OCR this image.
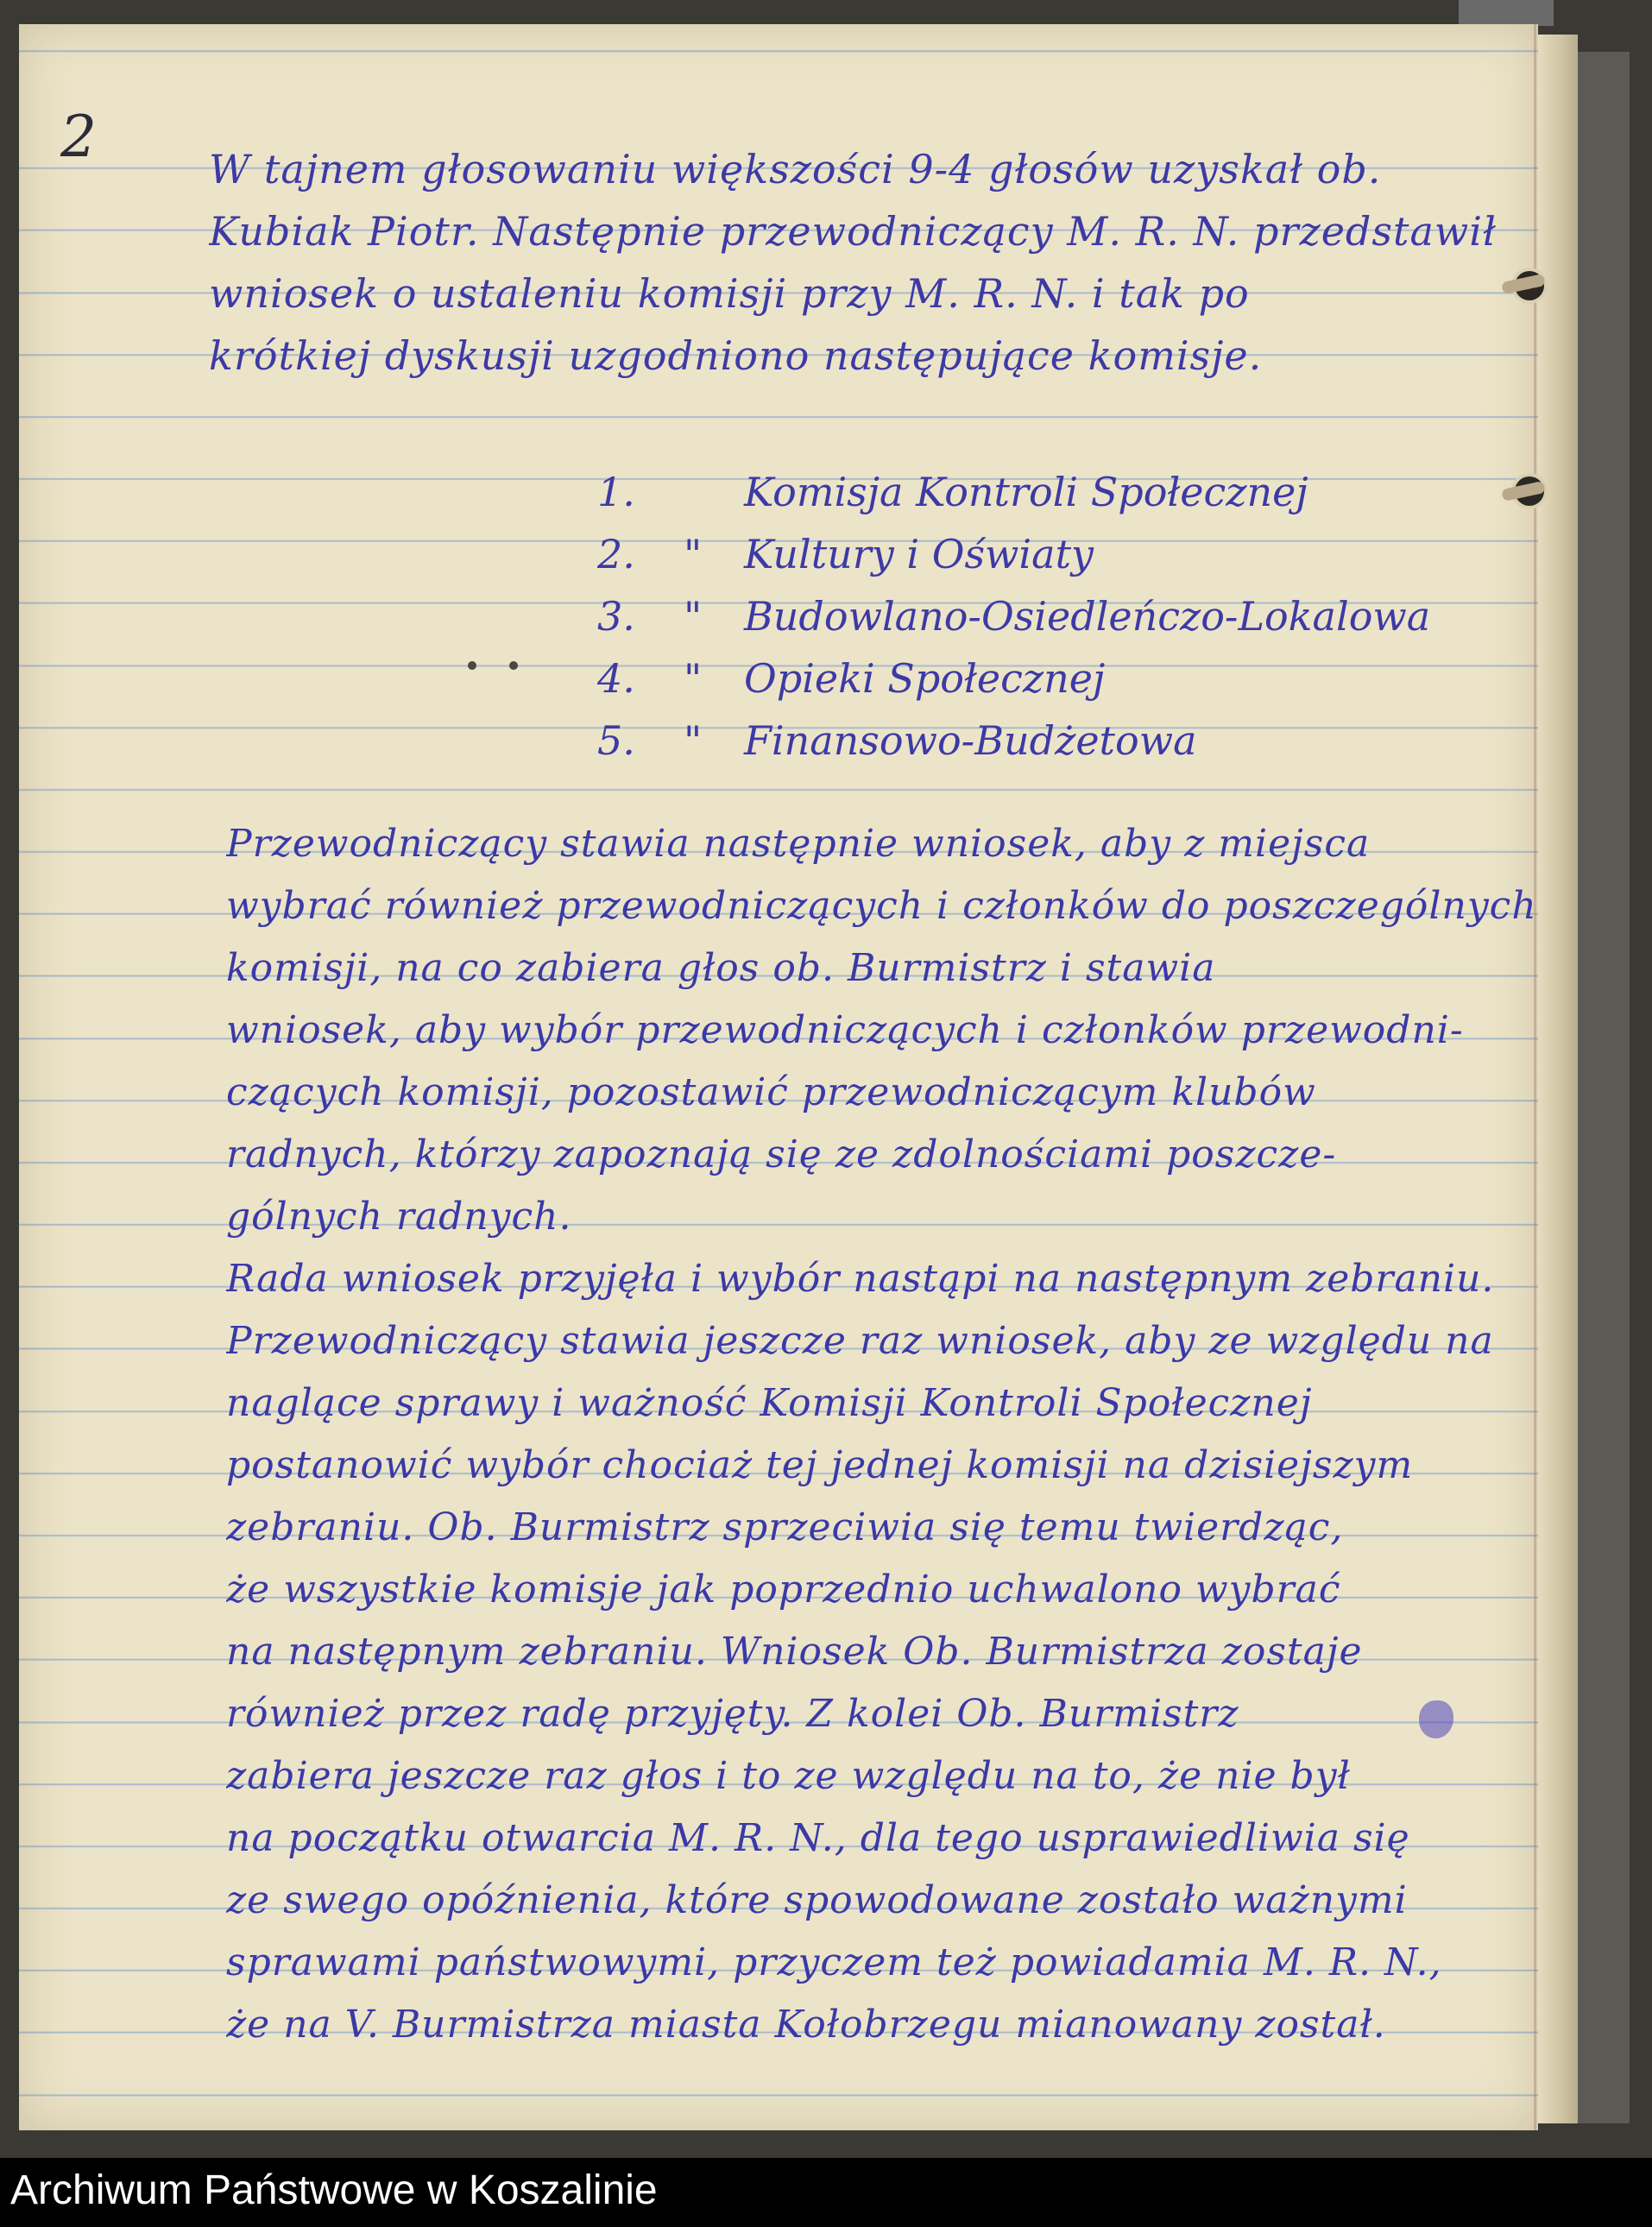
2	W tajnem głosowaniu większości 9-4 głosów uzyskał ob.
Kubiak Piotr. Następnie przewodniczący M. R. N. przedstawił
wniosek o ustaleniu komisji przy M. R. N. i tak po
krótkiej dyskusji uzgodniono następujące komisje.
1.	Komisja Kontroli Społecznej
2. " Kultury i Oświaty
3. " Budowlano-Osiedleńczo-Lokalowa
4. " Opieki Społecznej
5. " Finansowo-Budżetowa
Przewodniczący stawia następnie wniosek, aby z miejsca
wybrać również przewodniczących i członków do poszczególnych
komisji, na co zabiera głos ob. Burmistrz i stawia
wniosek, aby wybór przewodniczących i członków przewodni-
czących komisji, pozostawić przewodniczącym klubów
radnych, którzy zapoznają się ze zdolnościami poszcze-
gólnych radnych.
Rada wniosek przyjęła i wybór nastąpi na następnym zebraniu.
Przewodniczący stawia jeszcze raz wniosek, aby ze względu na
naglące sprawy i ważność Komisji Kontroli Społecznej
postanowić wybór chociaż tej jednej komisji na dzisiejszym
zebraniu. Ob. Burmistrz sprzeciwia się temu twierdząc,
że wszystkie komisje jak poprzednio uchwalono wybrać
na następnym zebraniu. Wniosek Ob. Burmistrza zostaje
również przez radę przyjęty. Z kolei Ob. Burmistrz
zabiera jeszcze raz głos i to ze względu na to, że nie był
na początku otwarcia M. R. N., dla tego usprawiedliwia się
ze swego opóźnienia, które spowodowane zostało ważnymi
sprawami państwowymi, przyczem też powiadamia M. R. N.,
że na V. Burmistrza miasta Kołobrzegu mianowany został.
Archiwum Państwowe w Koszalinie
